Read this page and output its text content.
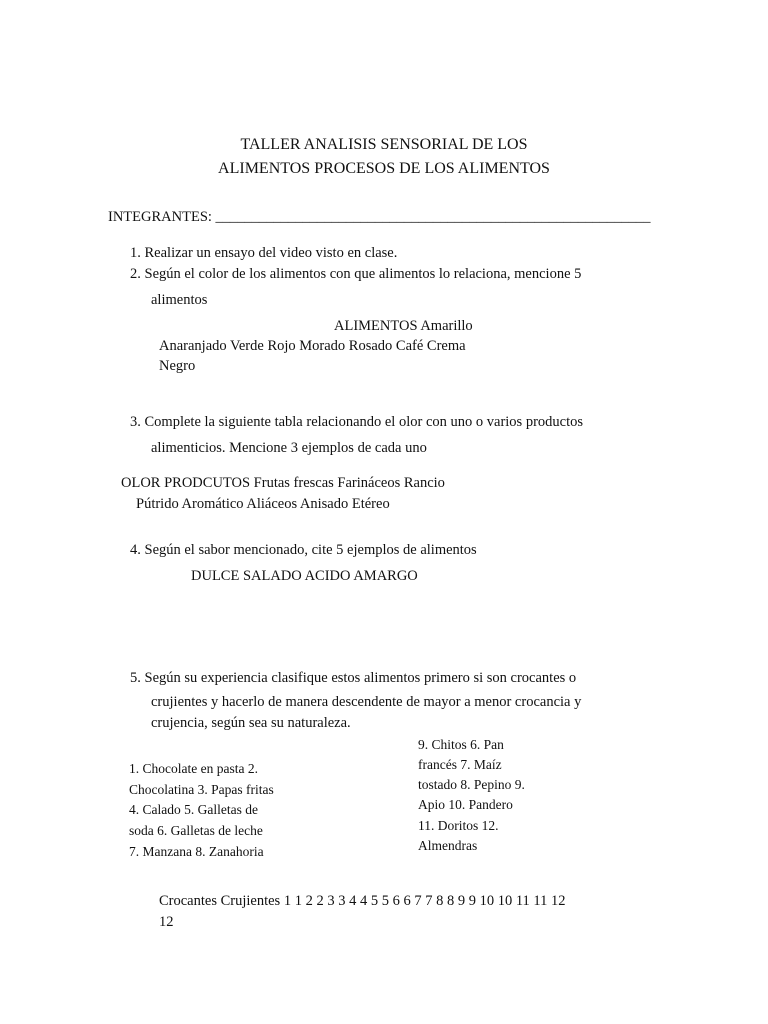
TALLER ANALISIS SENSORIAL DE LOS
ALIMENTOS PROCESOS DE LOS ALIMENTOS
INTEGRANTES: ____________________________________________________________
1. Realizar un ensayo del video visto en clase.
2. Según el color de los alimentos con que alimentos lo relaciona, mencione 5
alimentos
ALIMENTOS Amarillo
Anaranjado Verde Rojo Morado Rosado Café Crema
Negro
3. Complete la siguiente tabla relacionando el olor con uno o varios productos
alimenticios. Mencione 3 ejemplos de cada uno
OLOR PRODCUTOS Frutas frescas Farináceos Rancio
Pútrido Aromático Aliáceos Anisado Etéreo
4. Según el sabor mencionado, cite 5 ejemplos de alimentos
DULCE SALADO ACIDO AMARGO
5. Según su experiencia clasifique estos alimentos primero si son crocantes o
crujientes y hacerlo de manera descendente de mayor a menor crocancia y
crujencia, según sea su naturaleza.
1. Chocolate en pasta 2.
Chocolatina 3. Papas fritas
4. Calado 5. Galletas de
soda 6. Galletas de leche
7. Manzana 8. Zanahoria
9. Chitos 6. Pan
francés 7. Maíz
tostado 8. Pepino 9.
Apio 10. Pandero
11. Doritos 12.
Almendras
Crocantes Crujientes 1 1 2 2 3 3 4 4 5 5 6 6 7 7 8 8 9 9 10 10 11 11 12
12
